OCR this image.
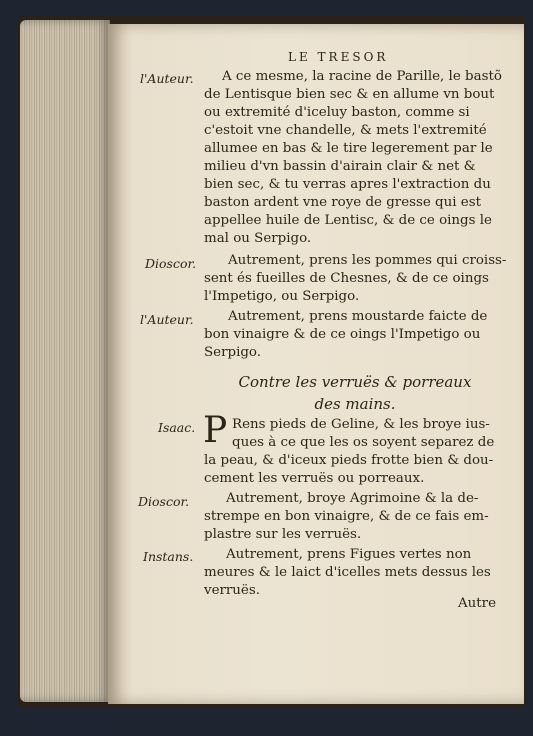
LE TRESOR
l'Auteur.
Dioscor.
l'Auteur.
Isaac.
Dioscor.
Instans.
A ce mesme, la racine de Parille, le bastõ
de Lentisque bien sec & en allume vn bout
ou extremité d'iceluy baston, comme si
c'estoit vne chandelle, & mets l'extremité
allumee en bas & le tire legerement par le
milieu d'vn bassin d'airain clair & net &
bien sec, & tu verras apres l'extraction du
baston ardent vne roye de gresse qui est
appellee huile de Lentisc, & de ce oings le
mal ou Serpigo.
Autrement, prens les pommes qui croiss-
sent és fueilles de Chesnes, & de ce oings
l'Impetigo, ou Serpigo.
Autrement, prens moustarde faicte de
bon vinaigre & de ce oings l'Impetigo ou
Serpigo.
Contre les verruës & porreaux
des mains.
P Rens pieds de Geline, & les broye ius-
ques à ce que les os soyent separez de
la peau, & d'iceux pieds frotte bien & dou-
cement les verruës ou porreaux.
Autrement, broye Agrimoine & la de-
strempe en bon vinaigre, & de ce fais em-
plastre sur les verruës.
Autrement, prens Figues vertes non
meures & le laict d'icelles mets dessus les
verruës.
Autre
